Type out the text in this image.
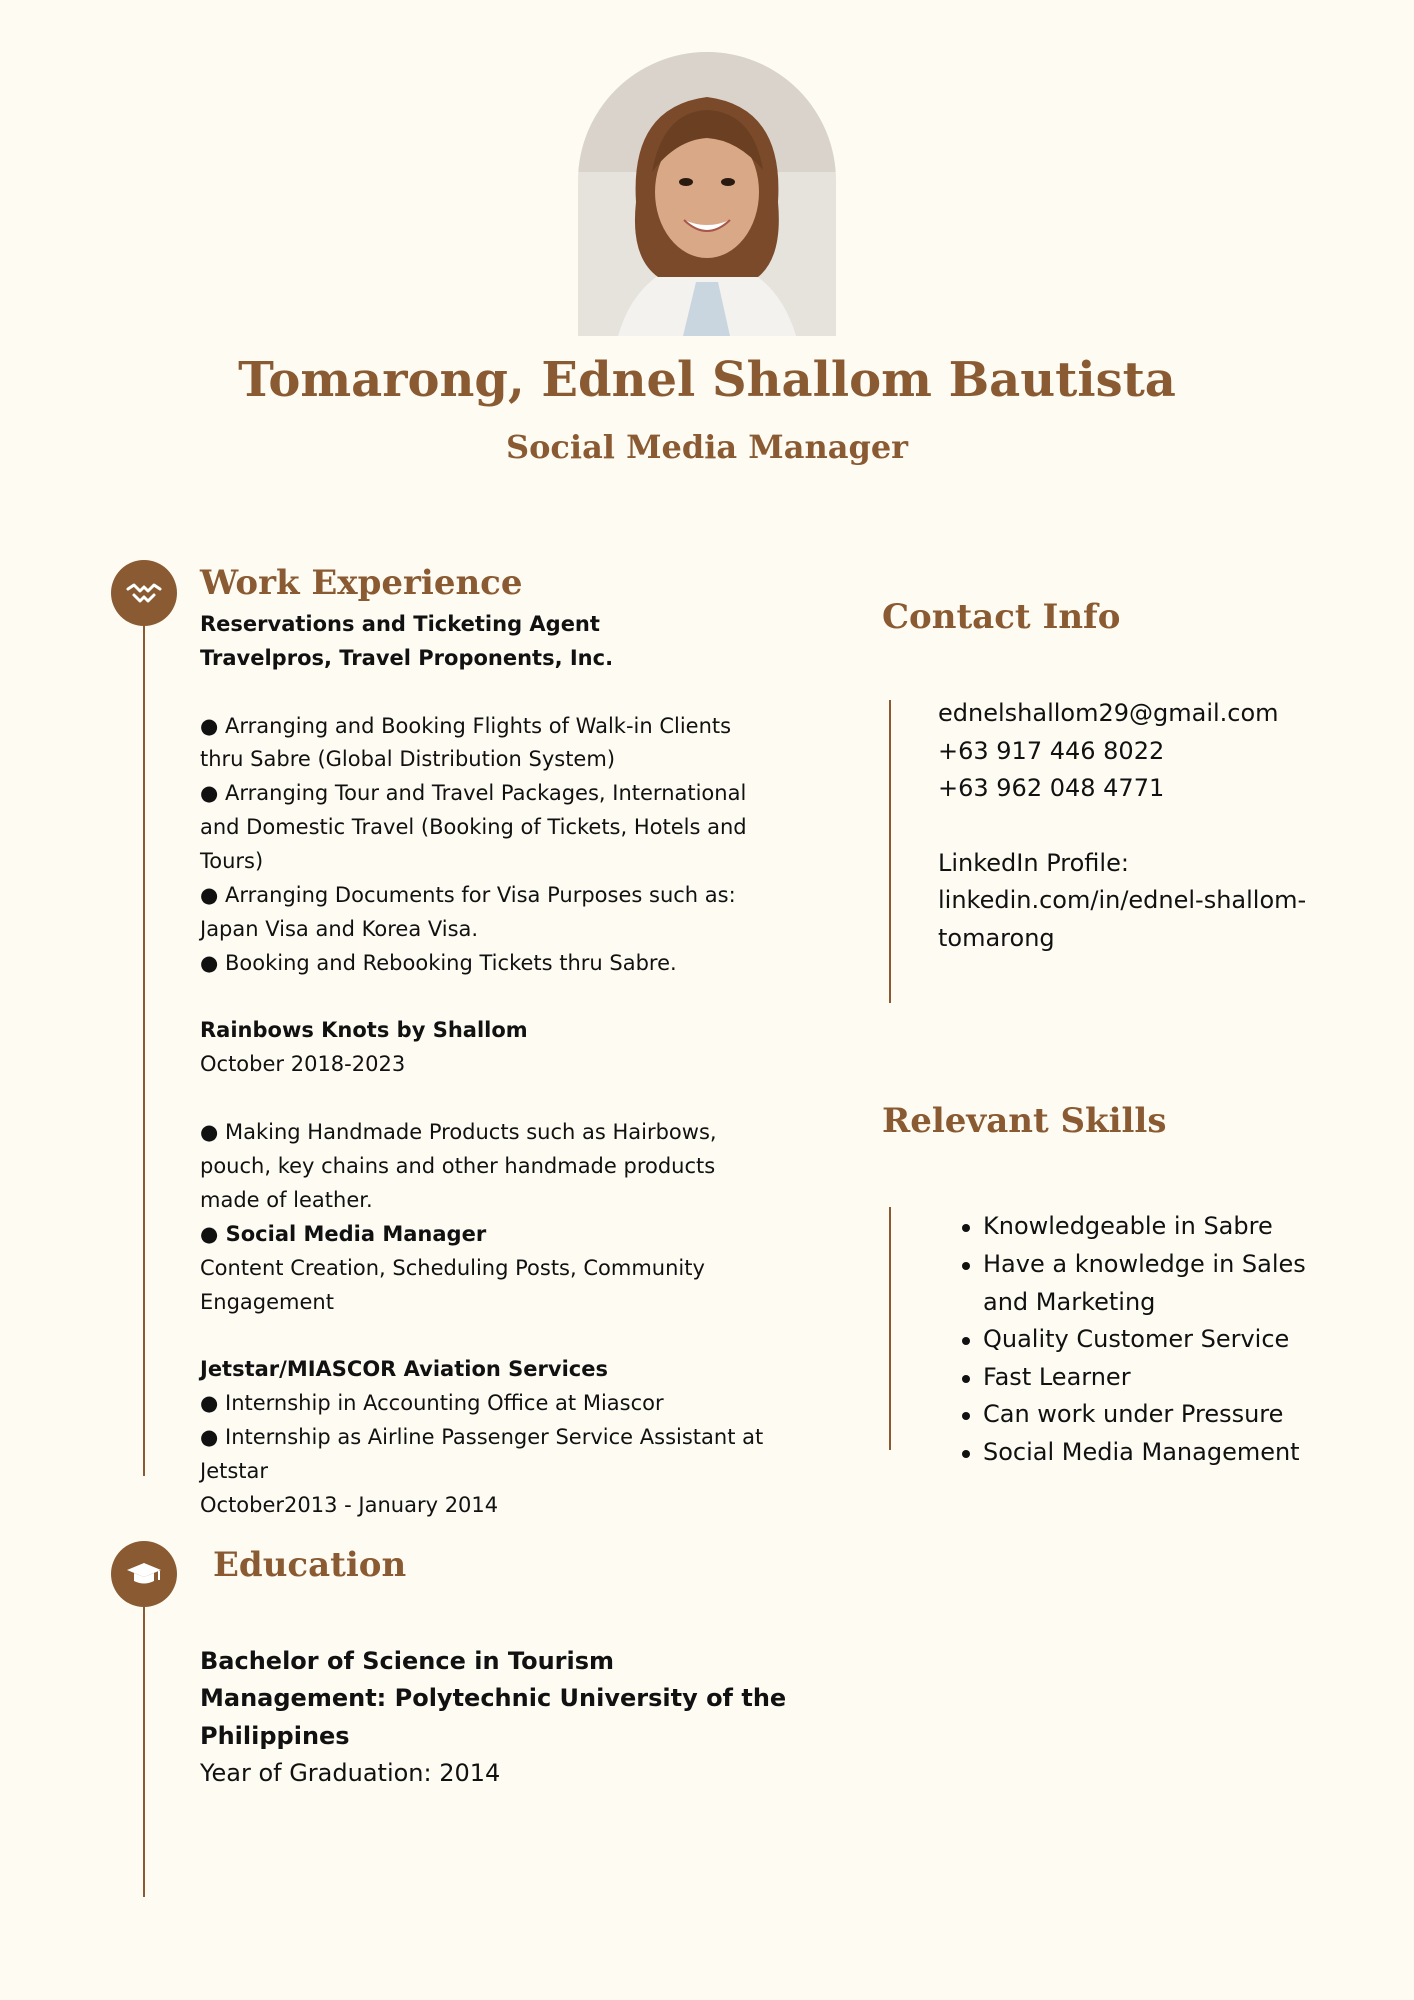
Tomarong, Ednel Shallom Bautista
Social Media Manager
Work Experience
Reservations and Ticketing Agent
Travelpros, Travel Proponents, Inc.
● Arranging and Booking Flights of Walk-in Clients
thru Sabre (Global Distribution System)
● Arranging Tour and Travel Packages, International
and Domestic Travel (Booking of Tickets, Hotels and
Tours)
● Arranging Documents for Visa Purposes such as:
Japan Visa and Korea Visa.
● Booking and Rebooking Tickets thru Sabre.
Rainbows Knots by Shallom
October 2018-2023
● Making Handmade Products such as Hairbows,
pouch, key chains and other handmade products
made of leather.
● Social Media Manager
Content Creation, Scheduling Posts, Community
Engagement
Jetstar/MIASCOR Aviation Services
● Internship in Accounting Office at Miascor
● Internship as Airline Passenger Service Assistant at
Jetstar
October2013 - January 2014
Education
Bachelor of Science in Tourism
Management: Polytechnic University of the
Philippines
Year of Graduation: 2014
Contact Info
ednelshallom29@gmail.com
+63 917 446 8022
+63 962 048 4771
LinkedIn Profile:
linkedin.com/in/ednel-shallom-
tomarong
Relevant Skills
Knowledgeable in Sabre
Have a knowledge in Sales
and Marketing
Quality Customer Service
Fast Learner
Can work under Pressure
Social Media Management
